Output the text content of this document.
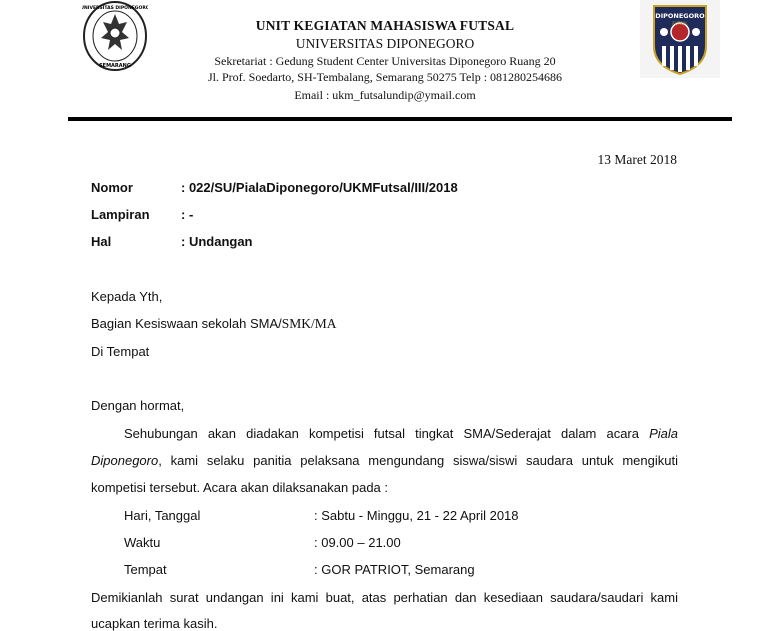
UNIVERSITAS DIPONEGORO
SEMARANG
DIPONEGORO
FUTSAL
UNIT KEGIATAN MAHASISWA FUTSAL
UNIVERSITAS DIPONEGORO
Sekretariat : Gedung Student Center Universitas Diponegoro Ruang 20
Jl. Prof. Soedarto, SH-Tembalang, Semarang 50275 Telp : 081280254686
Email : ukm_futsalundip@ymail.com
13 Maret 2018
Nomor	: 022/SU/PialaDiponegoro/UKMFutsal/III/2018
Lampiran : -
Hal	: Undangan
Kepada Yth,
Bagian Kesiswaan sekolah SMA/SMK/MA
Di Tempat
Dengan hormat,
Sehubungan akan diadakan kompetisi futsal tingkat SMA/Sederajat dalam acara Piala
Diponegoro, kami selaku panitia pelaksana mengundang siswa/siswi saudara untuk mengikuti
kompetisi tersebut. Acara akan dilaksanakan pada :
Hari, Tanggal	: Sabtu - Minggu, 21 - 22 April 2018
Waktu	: 09.00 – 21.00
Tempat	: GOR PATRIOT, Semarang
Demikianlah surat undangan ini kami buat, atas perhatian dan kesediaan saudara/saudari kami
ucapkan terima kasih.
